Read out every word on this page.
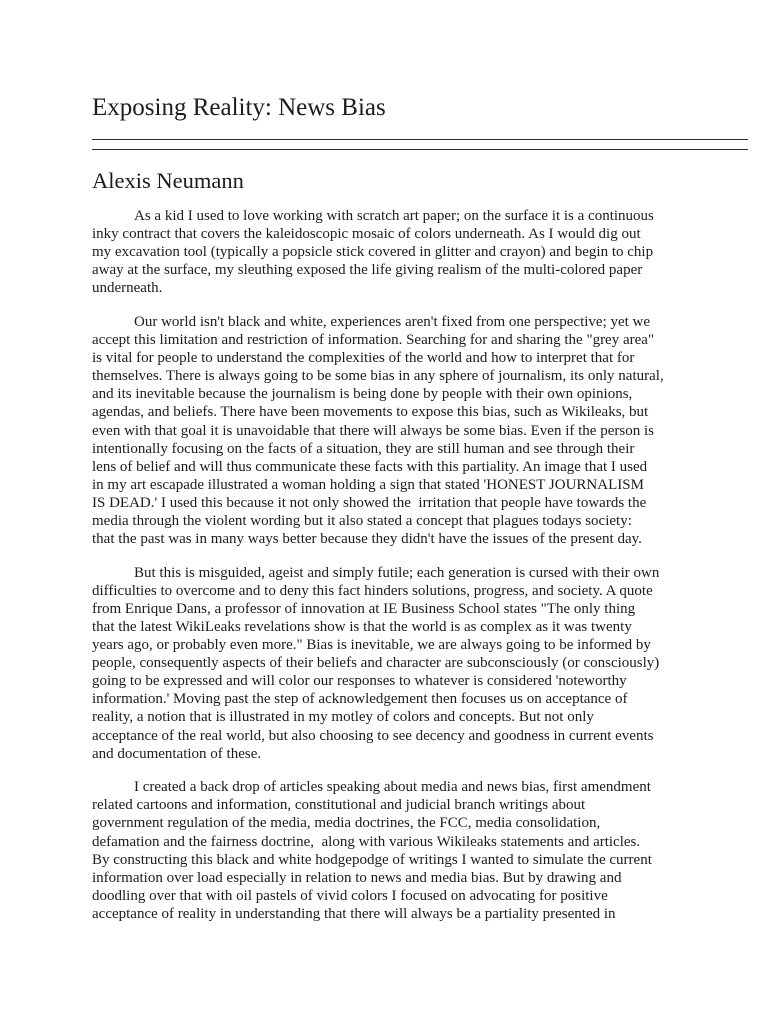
Exposing Reality: News Bias
Alexis Neumann
As a kid I used to love working with scratch art paper; on the surface it is a continuous
inky contract that covers the kaleidoscopic mosaic of colors underneath. As I would dig out
my excavation tool (typically a popsicle stick covered in glitter and crayon) and begin to chip
away at the surface, my sleuthing exposed the life giving realism of the multi-colored paper
underneath.
Our world isn't black and white, experiences aren't fixed from one perspective; yet we
accept this limitation and restriction of information. Searching for and sharing the "grey area"
is vital for people to understand the complexities of the world and how to interpret that for
themselves. There is always going to be some bias in any sphere of journalism, its only natural,
and its inevitable because the journalism is being done by people with their own opinions,
agendas, and beliefs. There have been movements to expose this bias, such as Wikileaks, but
even with that goal it is unavoidable that there will always be some bias. Even if the person is
intentionally focusing on the facts of a situation, they are still human and see through their
lens of belief and will thus communicate these facts with this partiality. An image that I used
in my art escapade illustrated a woman holding a sign that stated 'HONEST JOURNALISM
IS DEAD.' I used this because it not only showed the  irritation that people have towards the
media through the violent wording but it also stated a concept that plagues todays society:
that the past was in many ways better because they didn't have the issues of the present day.
But this is misguided, ageist and simply futile; each generation is cursed with their own
difficulties to overcome and to deny this fact hinders solutions, progress, and society. A quote
from Enrique Dans, a professor of innovation at IE Business School states "The only thing
that the latest WikiLeaks revelations show is that the world is as complex as it was twenty
years ago, or probably even more." Bias is inevitable, we are always going to be informed by
people, consequently aspects of their beliefs and character are subconsciously (or consciously)
going to be expressed and will color our responses to whatever is considered 'noteworthy
information.' Moving past the step of acknowledgement then focuses us on acceptance of
reality, a notion that is illustrated in my motley of colors and concepts. But not only
acceptance of the real world, but also choosing to see decency and goodness in current events
and documentation of these.
I created a back drop of articles speaking about media and news bias, first amendment
related cartoons and information, constitutional and judicial branch writings about
government regulation of the media, media doctrines, the FCC, media consolidation,
defamation and the fairness doctrine,  along with various Wikileaks statements and articles.
By constructing this black and white hodgepodge of writings I wanted to simulate the current
information over load especially in relation to news and media bias. But by drawing and
doodling over that with oil pastels of vivid colors I focused on advocating for positive
acceptance of reality in understanding that there will always be a partiality presented in
